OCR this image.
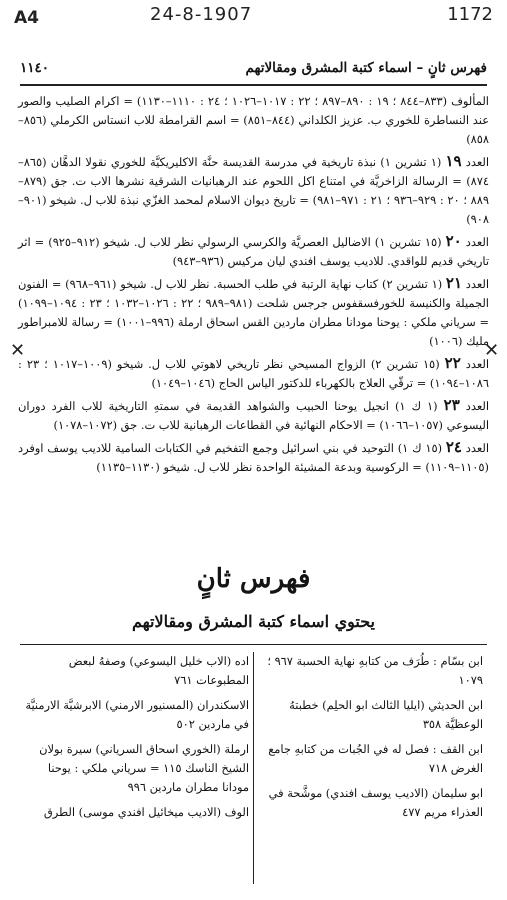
A4	24-8-1907	1172
فهرس ثانٍ – اسماء كتبة المشرق ومقالاتهم
١١٤٠

المألوف (٨٣٣–٨٤٤ ؛ ١٩ : ٨٩٠–٨٩٧ ؛ ٢٢ : ١٠١٧–١٠٢٦ ؛ ٢٤ : ١١١٠–١١٣٠) = اكرام الصليب والصور عند النساطرة للخوري ب. عزيز الكلداني (٨٤٤–٨٥١) = اسم القرامطة للاب انستاس الكرملي (٨٥٦–٨٥٨)

العدد ١٩ (١ تشرين ١) نبذة تاريخية في مدرسة القديسة حنَّة الاكليريكيَّة للخوري نقولا الدهَّان (٨٦٥–٨٧٤) = الرسالة الزاخريَّة في امتناع اكل اللحوم عند الرهبانيات الشرقية نشرها الاب ت. جق (٨٧٩–٨٨٩ ؛ ٢٠ : ٩٢٩–٩٣٦ ؛ ٢١ : ٩٧١–٩٨١) = تاريخ ديوان الاسلام لمحمد الغزّي نبذة للاب ل. شيخو (٩٠١–٩٠٨)

العدد ٢٠ (١٥ تشرين ١) الاضاليل العصريَّة والكرسي الرسولي نظر للاب ل. شيخو (٩١٢–٩٢٥) = اثر تاريخي قديم للواقدي. للاديب يوسف افندي ليان مركيس (٩٣٦–٩٤٣)

العدد ٢١ (١ تشرين ٢) كتاب نهاية الرتبة في طلب الحسبة. نظر للاب ل. شيخو (٩٦١–٩٦٨) = الفنون الجميلة والكنيسة للخورفسقفوس جرجس شلحت (٩٨١–٩٨٩ ؛ ٢٢ : ١٠٢٦–١٠٣٢ ؛ ٢٣ : ١٠٩٤–١٠٩٩) = سرياني ملكي : يوحنا مودانا مطران ماردين القس اسحاق ارملة (٩٩٦–١٠٠١) = رسالة للامبراطور مليك (١٠٠٦)

العدد ٢٢ (١٥ تشرين ٢) الزواج المسيحي نظر تاريخي لاهوتي للاب ل. شيخو (١٠٠٩–١٠١٧ ؛ ٢٣ : ١٠٨٦–١٠٩٤) = ترقّي العلاج بالكهرباء للدكتور الياس الحاج (١٠٤٦–١٠٤٩)

العدد ٢٣ (١ ك ١) انجيل يوحنا الحبيب والشواهد القديمة في سمتهِ التاريخية للاب الفرد دوران اليسوعي (١٠٥٧–١٠٦٦) = الاحكام النهائية في القطاعات الرهبانية للاب ت. جق (١٠٧٢–١٠٧٨)

العدد ٢٤ (١٥ ك ١) التوحيد في بني اسرائيل وجمع التفخيم في الكتابات السامية للاديب يوسف اوفرد (١١٠٥–١١٠٩) = الركوسية وبدعة المشيئة الواحدة نظر للاب ل. شيخو (١١٣٠–١١٣٥)

✕	✕
فهرس ثانٍ
يحتوي اسماء كتبة المشرق ومقالاتهم

ابن بسّام : طُرَف من كتابهِ نهاية الحسبة ٩٦٧ ؛ ١٠٧٩

ابن الحديثي (ايليا الثالث ابو الحلِم) خطبتهُ الوعظيَّة ٣٥٨

ابن القف : فصل له في الجُبات من كتابهِ جامع الغرض ٧١٨

ابو سليمان (الاديب يوسف افندي) موشَّحة في العذراء مريم ٤٧٧

اده (الاب خليل اليسوعي) وصفهُ لبعض المطبوعات ٧٦١

الاسكندران (المسنيور الارمني) الابرشيَّة الارمنيَّة في ماردين ٥٠٢

ارملة (الخوري اسحاق السرياني) سيرة بولان الشيخ الناسك ١١٥ = سرياني ملكي : يوحنا مودانا مطران ماردين ٩٩٦

الوف (الاديب ميخائيل افندي موسى) الطرق
